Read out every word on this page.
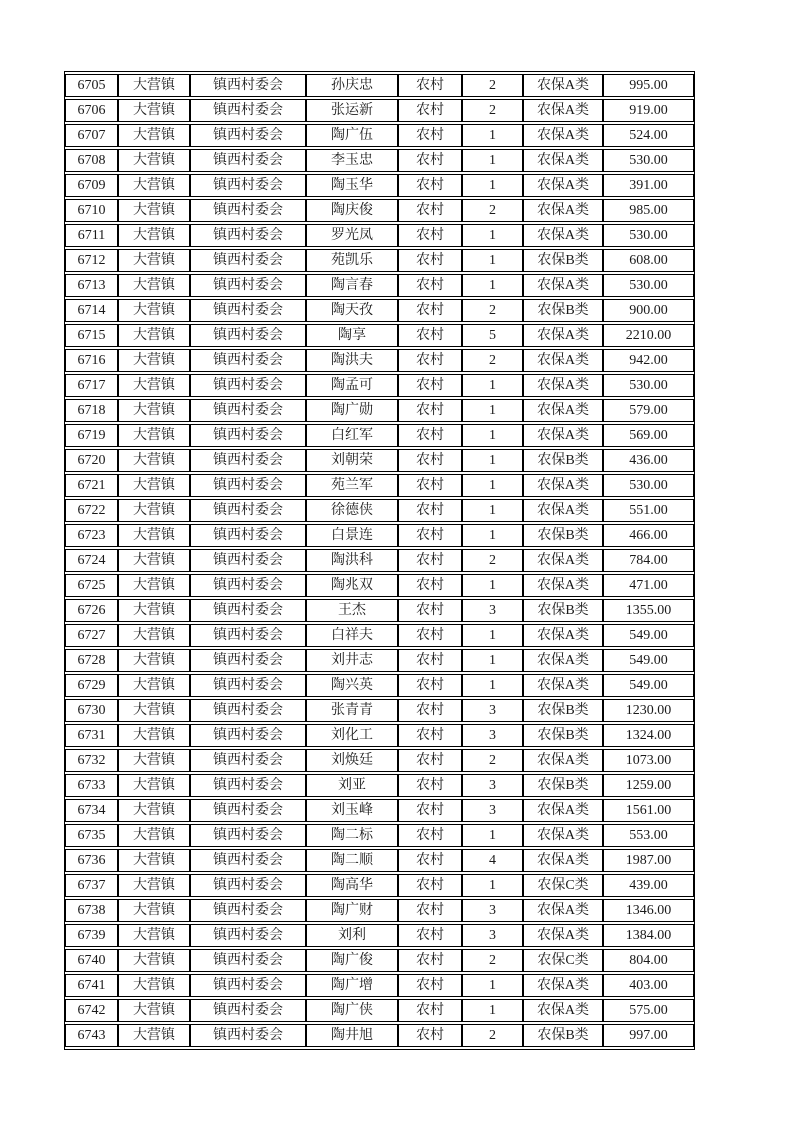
6705	大营镇	镇西村委会	孙庆忠	农村	2	农保A类	995.00
6706	大营镇	镇西村委会	张运新	农村	2	农保A类	919.00
6707	大营镇	镇西村委会	陶广伍	农村	1	农保A类	524.00
6708	大营镇	镇西村委会	李玉忠	农村	1	农保A类	530.00
6709	大营镇	镇西村委会	陶玉华	农村	1	农保A类	391.00
6710	大营镇	镇西村委会	陶庆俊	农村	2	农保A类	985.00
6711	大营镇	镇西村委会	罗光凤	农村	1	农保A类	530.00
6712	大营镇	镇西村委会	苑凯乐	农村	1	农保B类	608.00
6713	大营镇	镇西村委会	陶言春	农村	1	农保A类	530.00
6714	大营镇	镇西村委会	陶天孜	农村	2	农保B类	900.00
6715	大营镇	镇西村委会	陶享	农村	5	农保A类	2210.00
6716	大营镇	镇西村委会	陶洪夫	农村	2	农保A类	942.00
6717	大营镇	镇西村委会	陶孟可	农村	1	农保A类	530.00
6718	大营镇	镇西村委会	陶广勋	农村	1	农保A类	579.00
6719	大营镇	镇西村委会	白红军	农村	1	农保A类	569.00
6720	大营镇	镇西村委会	刘朝荣	农村	1	农保B类	436.00
6721	大营镇	镇西村委会	苑兰军	农村	1	农保A类	530.00
6722	大营镇	镇西村委会	徐德侠	农村	1	农保A类	551.00
6723	大营镇	镇西村委会	白景连	农村	1	农保B类	466.00
6724	大营镇	镇西村委会	陶洪科	农村	2	农保A类	784.00
6725	大营镇	镇西村委会	陶兆双	农村	1	农保A类	471.00
6726	大营镇	镇西村委会	王杰	农村	3	农保B类	1355.00
6727	大营镇	镇西村委会	白祥夫	农村	1	农保A类	549.00
6728	大营镇	镇西村委会	刘井志	农村	1	农保A类	549.00
6729	大营镇	镇西村委会	陶兴英	农村	1	农保A类	549.00
6730	大营镇	镇西村委会	张青青	农村	3	农保B类	1230.00
6731	大营镇	镇西村委会	刘化工	农村	3	农保B类	1324.00
6732	大营镇	镇西村委会	刘焕廷	农村	2	农保A类	1073.00
6733	大营镇	镇西村委会	刘亚	农村	3	农保B类	1259.00
6734	大营镇	镇西村委会	刘玉峰	农村	3	农保A类	1561.00
6735	大营镇	镇西村委会	陶二标	农村	1	农保A类	553.00
6736	大营镇	镇西村委会	陶二顺	农村	4	农保A类	1987.00
6737	大营镇	镇西村委会	陶高华	农村	1	农保C类	439.00
6738	大营镇	镇西村委会	陶广财	农村	3	农保A类	1346.00
6739	大营镇	镇西村委会	刘利	农村	3	农保A类	1384.00
6740	大营镇	镇西村委会	陶广俊	农村	2	农保C类	804.00
6741	大营镇	镇西村委会	陶广增	农村	1	农保A类	403.00
6742	大营镇	镇西村委会	陶广侠	农村	1	农保A类	575.00
6743	大营镇	镇西村委会	陶井旭	农村	2	农保B类	997.00
